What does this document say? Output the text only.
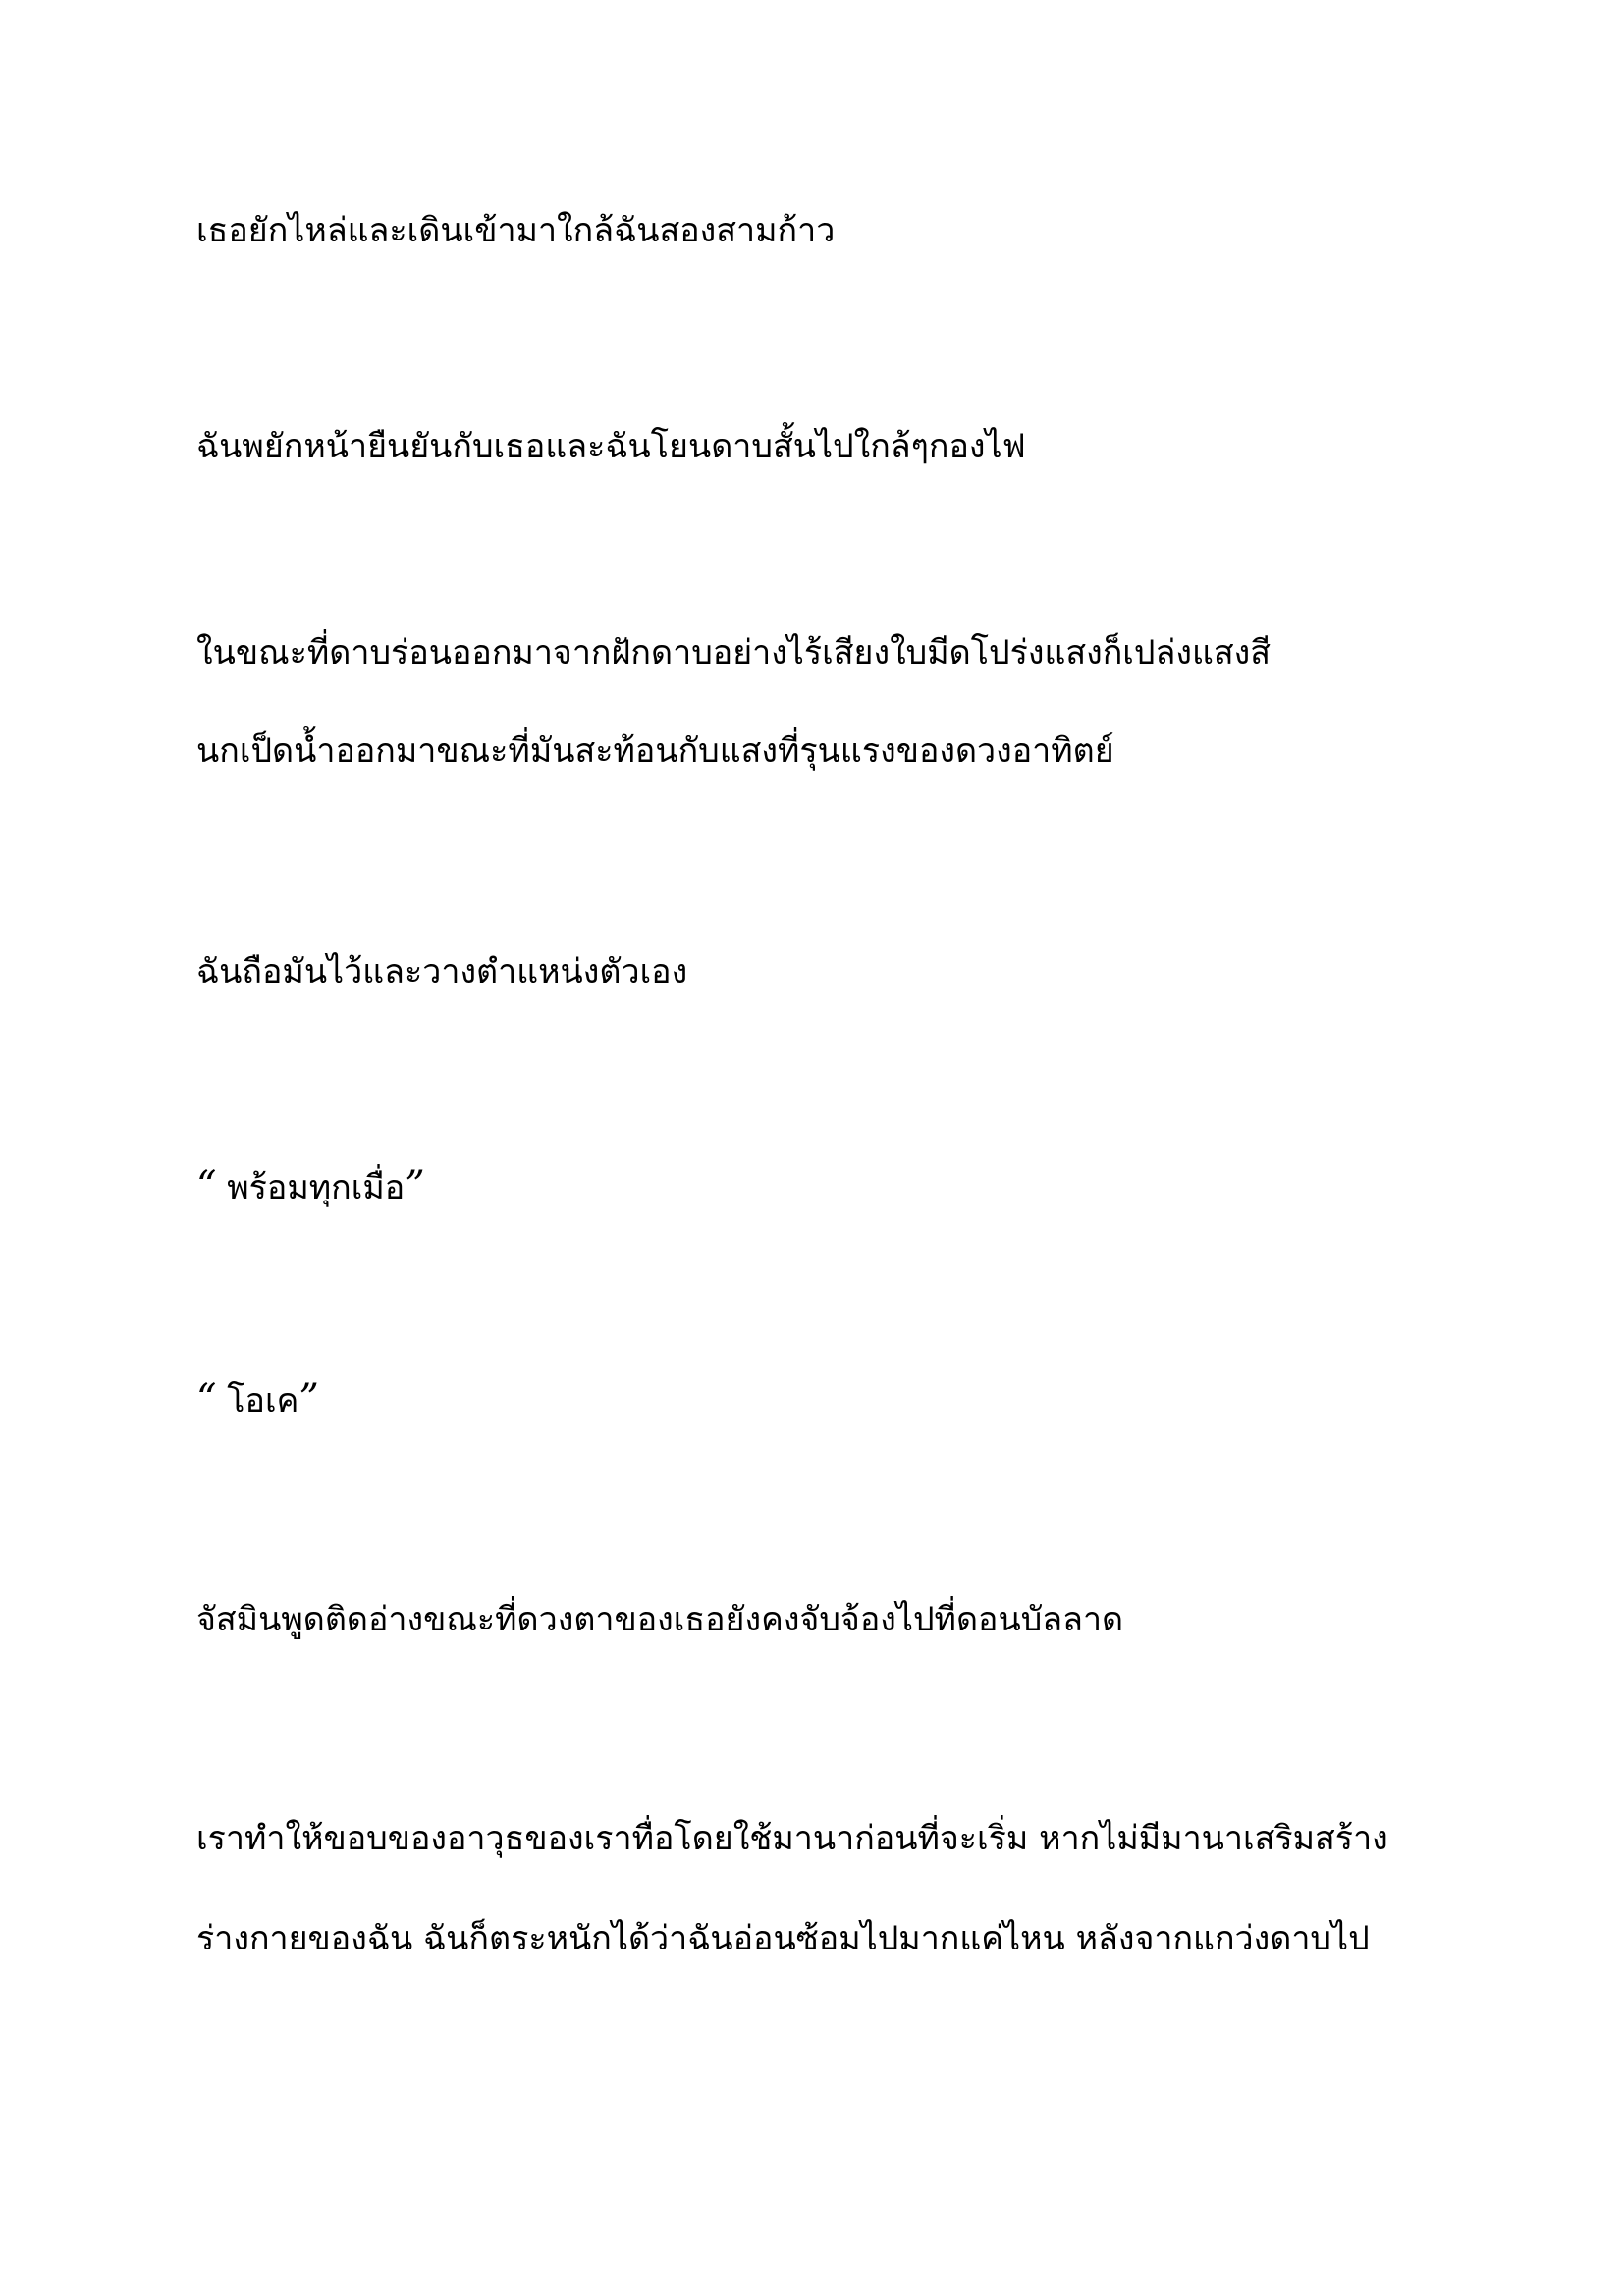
เธอยักไหล่และเดินเข้ามาใกล้ฉันสองสามก้าว

ฉันพยักหน้ายืนยันกับเธอและฉันโยนดาบสั้นไปใกล้ๆกองไฟ

ในขณะที่ดาบร่อนออกมาจากฝักดาบอย่างไร้เสียงใบมีดโปร่งแสงก็เปล่งแสงสี

นกเป็ดน้ำออกมาขณะที่มันสะท้อนกับแสงที่รุนแรงของดวงอาทิตย์

ฉันถือมันไว้และวางตำแหน่งตัวเอง

“ พร้อมทุกเมื่อ”

“ โอเค”

จัสมินพูดติดอ่างขณะที่ดวงตาของเธอยังคงจับจ้องไปที่ดอนบัลลาด

เราทำให้ขอบของอาวุธของเราทื่อโดยใช้มานาก่อนที่จะเริ่ม หากไม่มีมานาเสริมสร้าง

ร่างกายของฉัน ฉันก็ตระหนักได้ว่าฉันอ่อนซ้อมไปมากแค่ไหน หลังจากแกว่งดาบไป
